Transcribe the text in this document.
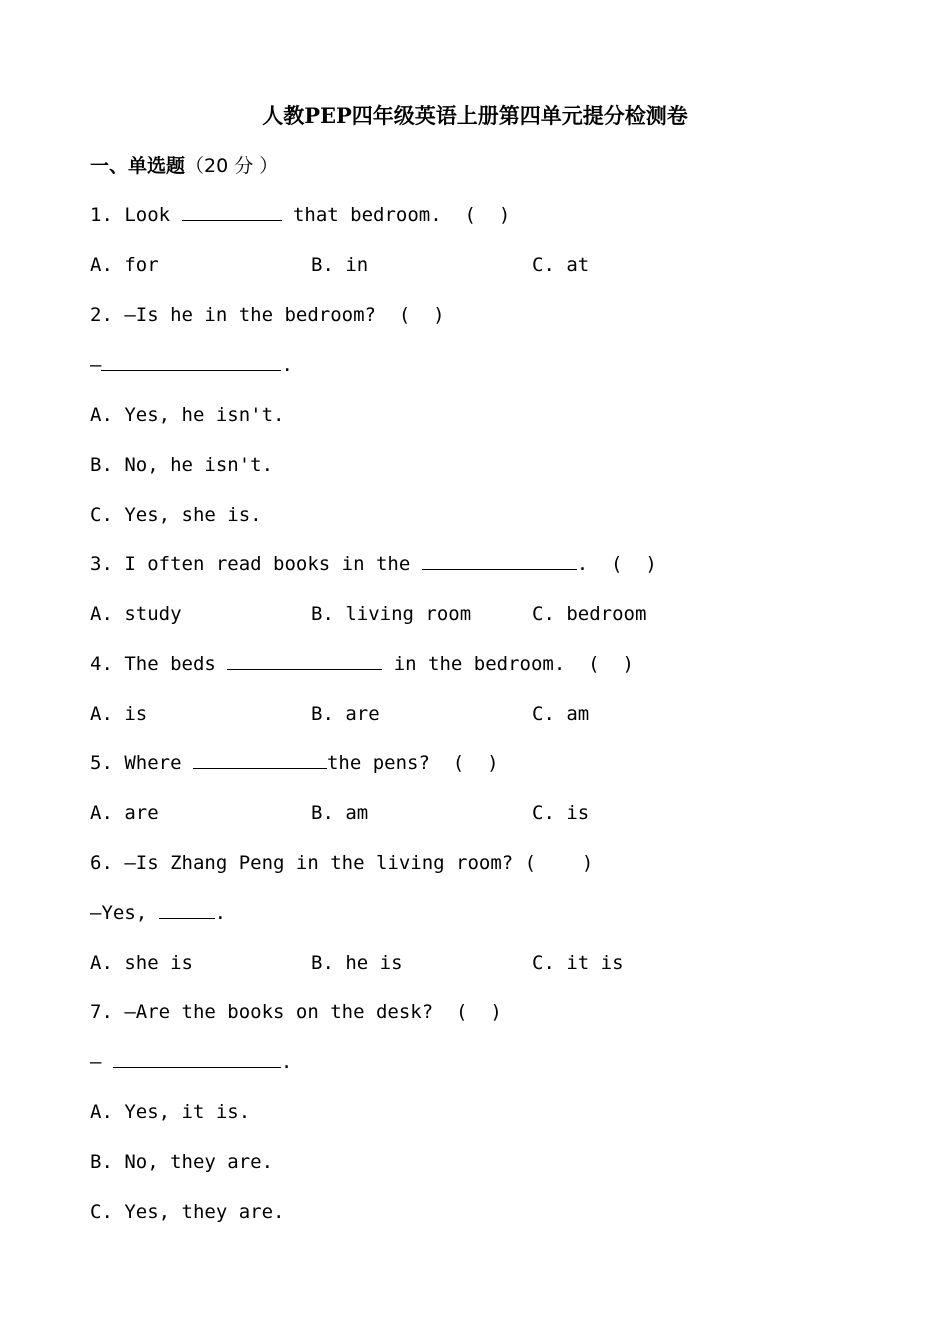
人教PEP四年级英语上册第四单元提分检测卷
一、单选题（20 分 ）
1. Look	that bedroom.  (  )
A. for	B. in	C. at
2. —Is he in the bedroom?  (  )
—	.
A. Yes, he isn't.
B. No, he isn't.
C. Yes, she is.
3. I often read books in the	.  (  )
A. study	B. living room	C. bedroom
4. The beds	in the bedroom.  (  )
A. is	B. are	C. am
5. Where	the pens?  (  )
A. are	B. am	C. is
6. —Is Zhang Peng in the living room? (    )
—Yes,	.
A. she is	B. he is	C. it is
7. —Are the books on the desk?  (  )
—	.
A. Yes, it is.
B. No, they are.
C. Yes, they are.
